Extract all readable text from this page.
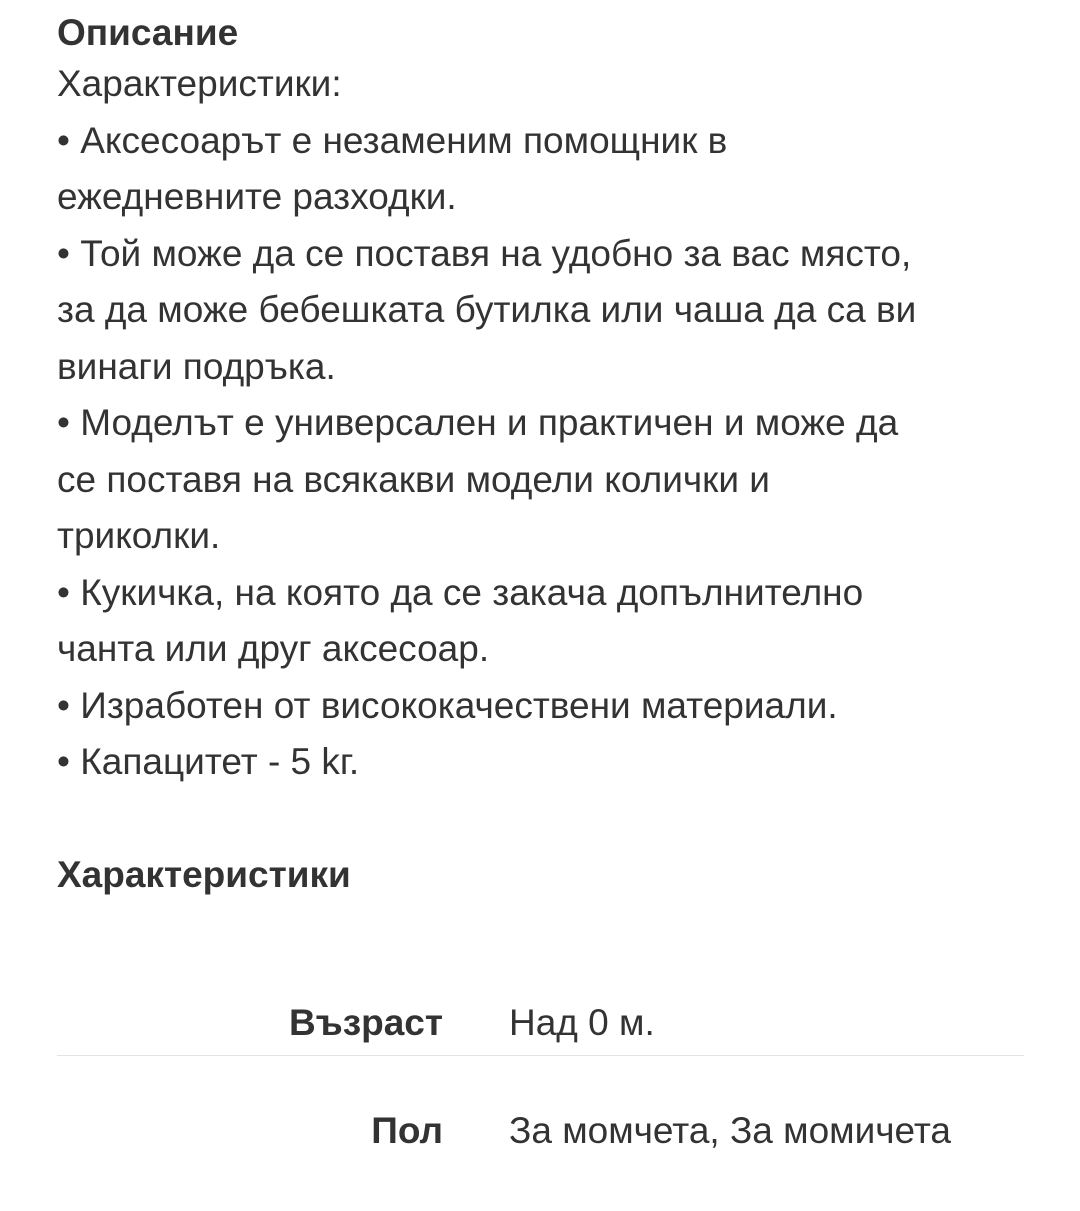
Описание
Характеристики:
• Аксесоарът е незаменим помощник в
ежедневните разходки.
• Той може да се поставя на удобно за вас място,
за да може бебешката бутилка или чаша да са ви
винаги подръка.
• Моделът е универсален и практичен и може да
се поставя на всякакви модели колички и
триколки.
• Кукичка, на която да се закача допълнително
чанта или друг аксесоар.
• Изработен от висококачествени материали.
• Капацитет - 5 kг.
Характеристики
Възраст	Над 0 м.
Пол	За момчета, За момичета
